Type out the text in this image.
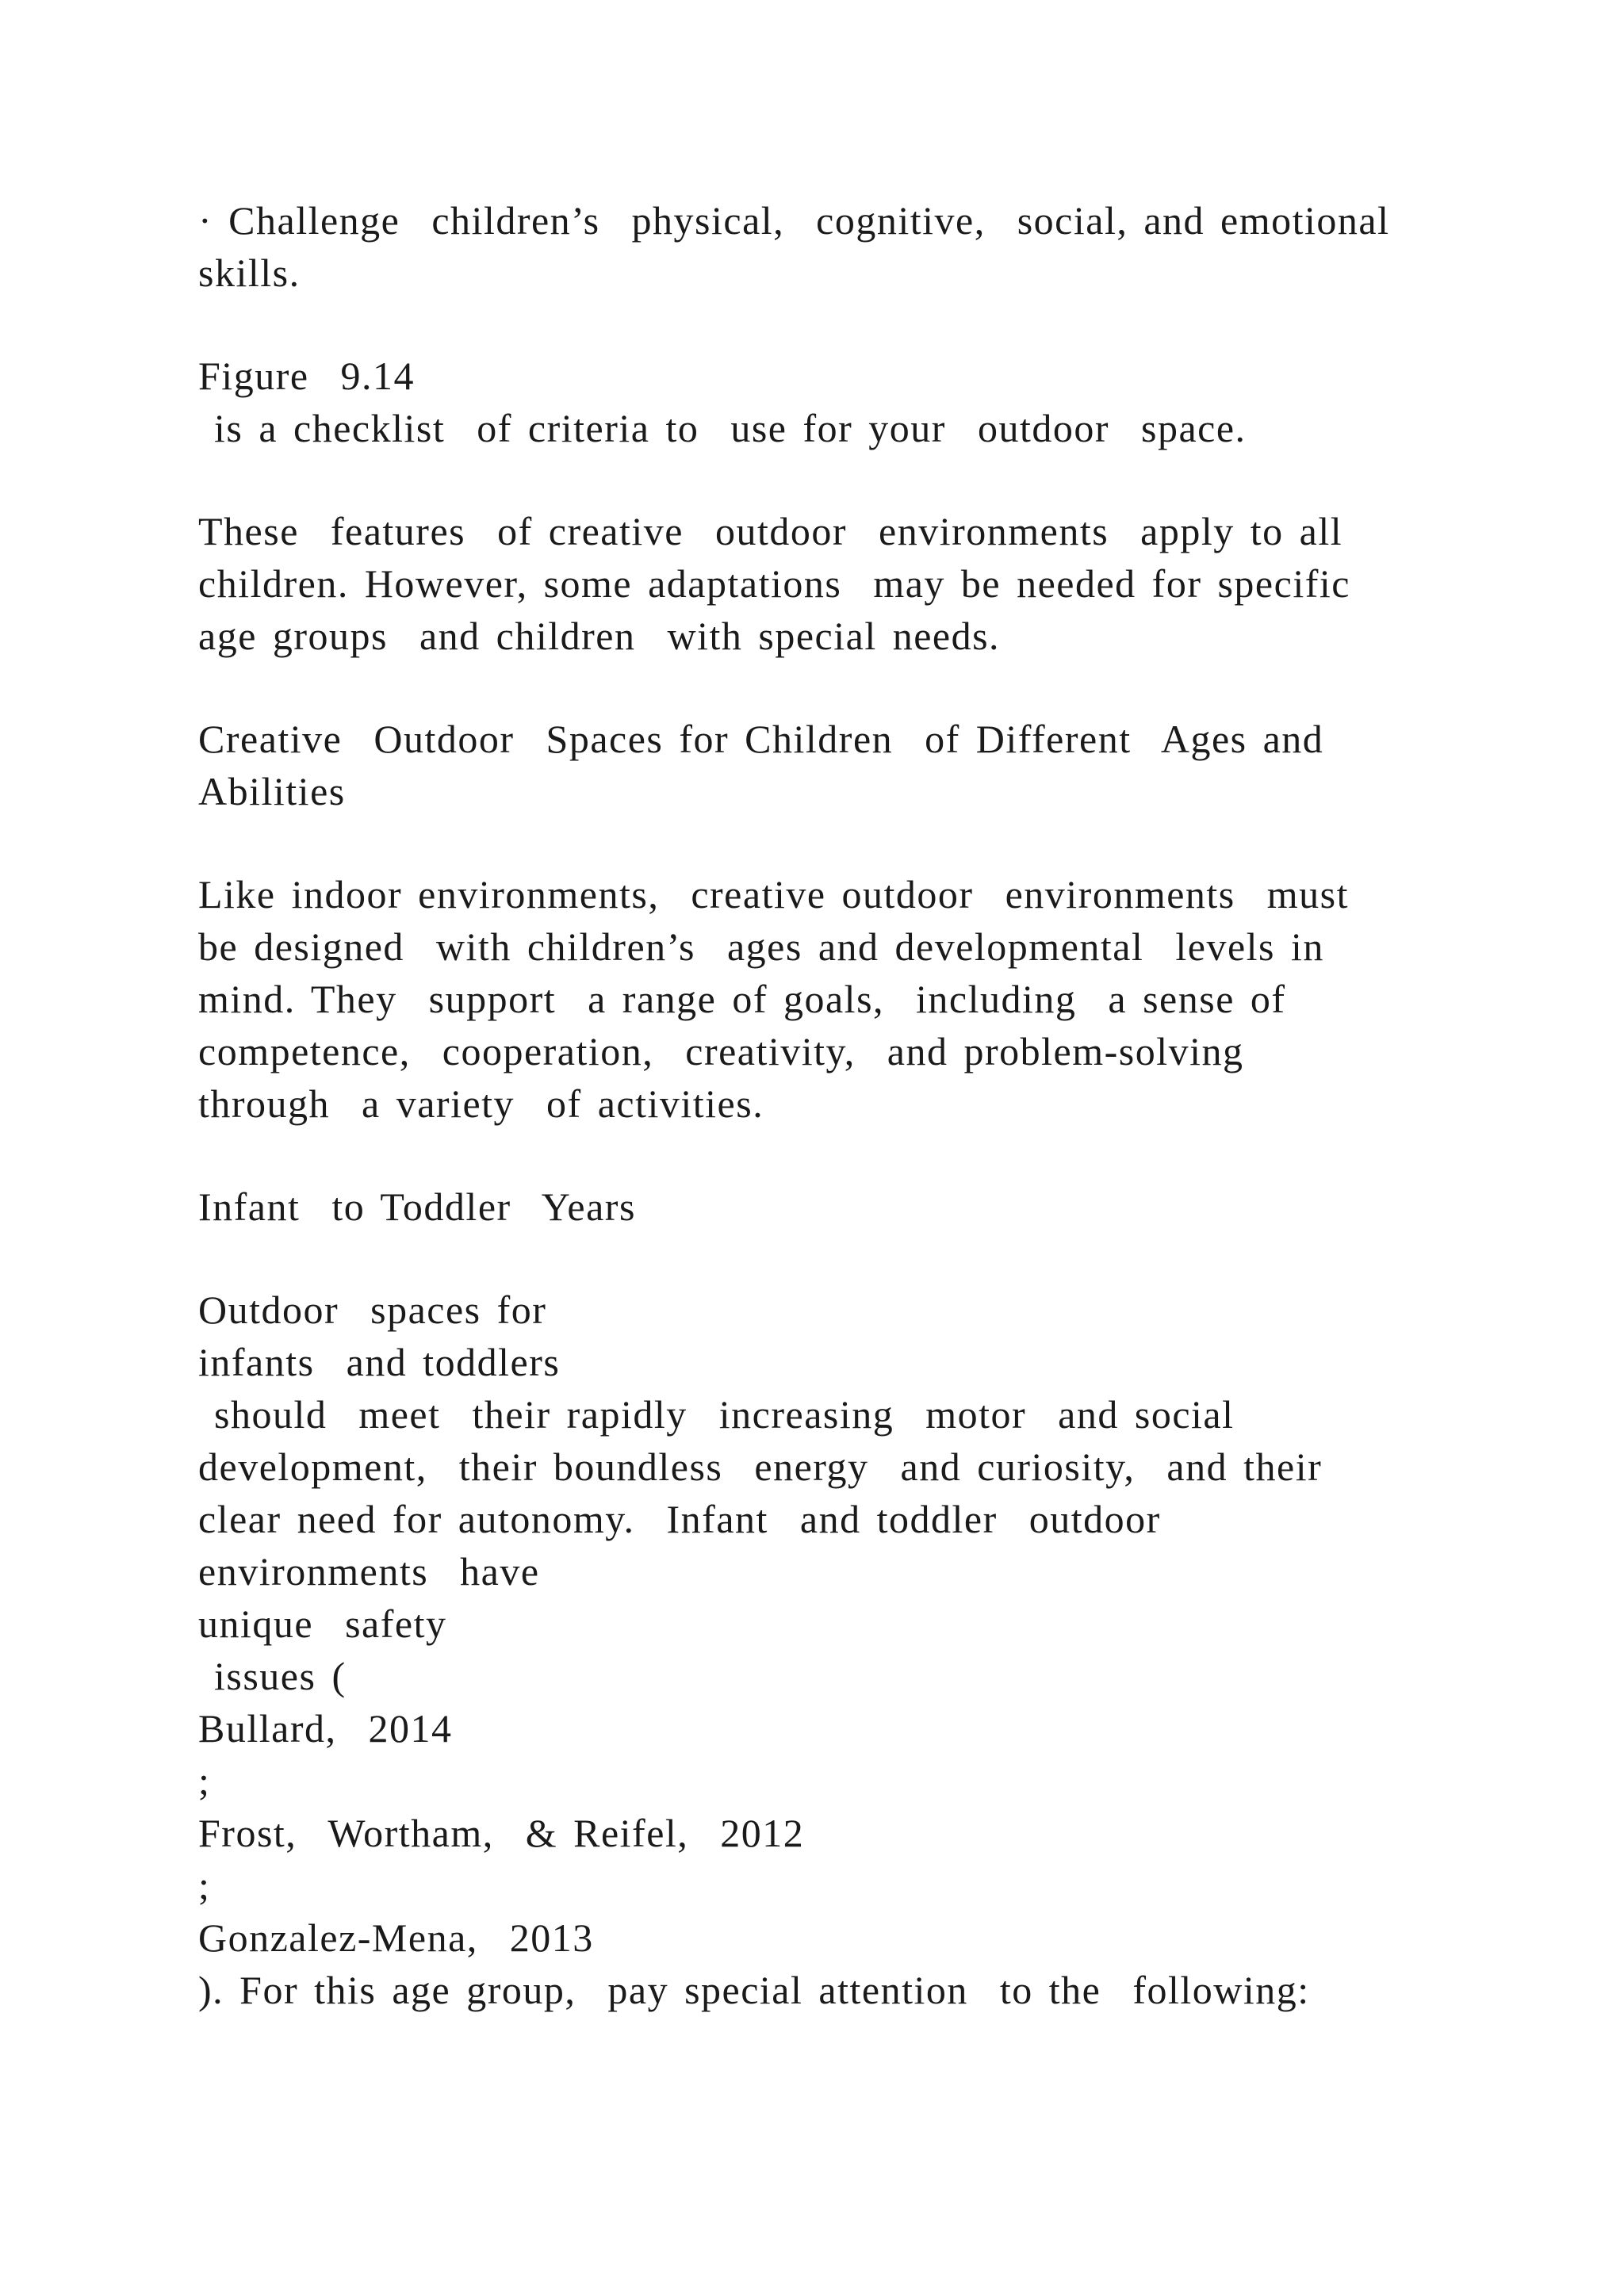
· Challenge  children’s  physical,  cognitive,  social, and emotional
skills.
Figure  9.14
is a checklist  of criteria to  use for your  outdoor  space.
These  features  of creative  outdoor  environments  apply to all
children. However, some adaptations  may be needed for specific
age groups  and children  with special needs.
Creative  Outdoor  Spaces for Children  of Different  Ages and
Abilities
Like indoor environments,  creative outdoor  environments  must
be designed  with children’s  ages and developmental  levels in
mind. They  support  a range of goals,  including  a sense of
competence,  cooperation,  creativity,  and problem-solving
through  a variety  of activities.
Infant  to Toddler  Years
Outdoor  spaces for
infants  and toddlers
should  meet  their rapidly  increasing  motor  and social
development,  their boundless  energy  and curiosity,  and their
clear need for autonomy.  Infant  and toddler  outdoor
environments  have
unique  safety
issues (
Bullard,  2014
;
Frost,  Wortham,  & Reifel,  2012
;
Gonzalez-Mena,  2013
). For this age group,  pay special attention  to the  following:
